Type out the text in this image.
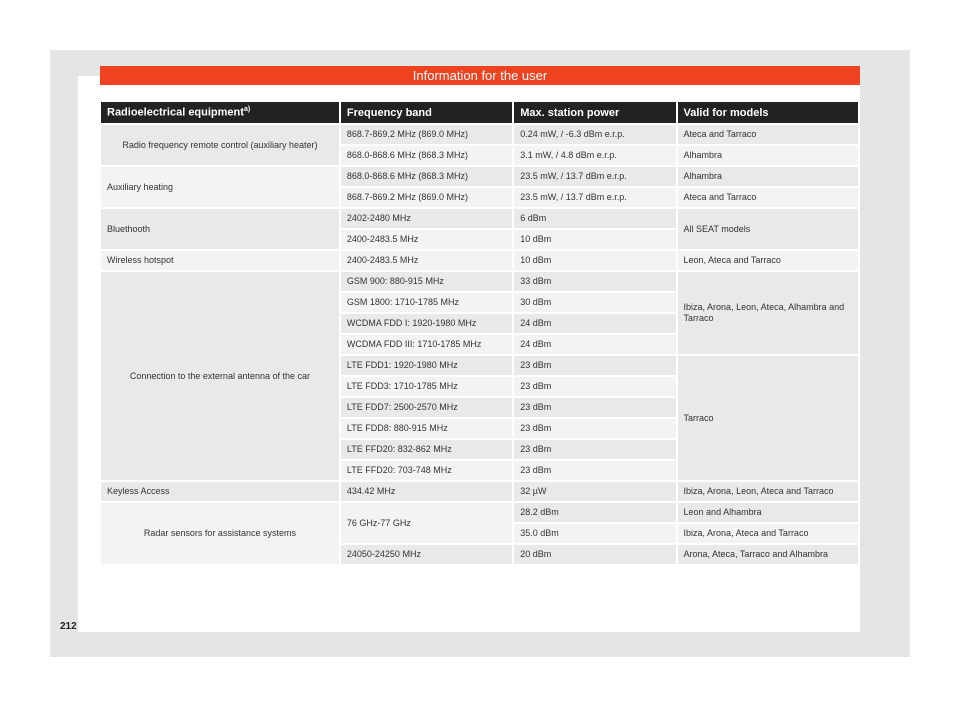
Information for the user
Radioelectrical equipment$^{a)}$	Frequency band	Max. station power	Valid for models
Radio frequency remote control (auxiliary heater)	868.7-869.2 MHz (869.0 MHz)	0.24 mW, / -6.3 dBm e.r.p.	Ateca and Tarraco
	868.0-868.6 MHz (868.3 MHz)	3.1 mW, / 4.8 dBm e.r.p.	Alhambra
Auxiliary heating	868.0-868.6 MHz (868.3 MHz)	23.5 mW, / 13.7 dBm e.r.p.	Alhambra
	868.7-869.2 MHz (869.0 MHz)	23.5 mW, / 13.7 dBm e.r.p.	Ateca and Tarraco
Bluethooth	2402-2480 MHz	6 dBm	All SEAT models
	2400-2483.5 MHz	10 dBm	
Wireless hotspot	2400-2483.5 MHz	10 dBm	Leon, Ateca and Tarraco
Connection to the external antenna of the car	GSM 900: 880-915 MHz	33 dBm	Ibiza, Arona, Leon, Ateca, Alhambra and Tarraco
	GSM 1800: 1710-1785 MHz	30 dBm	
	WCDMA FDD I: 1920-1980 MHz	24 dBm	
	WCDMA FDD III: 1710-1785 MHz	24 dBm	
	LTE FDD1: 1920-1980 MHz	23 dBm	Tarraco
	LTE FDD3: 1710-1785 MHz	23 dBm	
	LTE FDD7: 2500-2570 MHz	23 dBm	
	LTE FDD8: 880-915 MHz	23 dBm	
	LTE FFD20: 832-862 MHz	23 dBm	
	LTE FFD20: 703-748 MHz	23 dBm	
Keyless Access	434.42 MHz	32 µW	Ibiza, Arona, Leon, Ateca and Tarraco
Radar sensors for assistance systems	76 GHz-77 GHz	28.2 dBm	Leon and Alhambra
		35.0 dBm	Ibiza, Arona, Ateca and Tarraco
	24050-24250 MHz	20 dBm	Arona, Ateca, Tarraco and Alhambra
212
